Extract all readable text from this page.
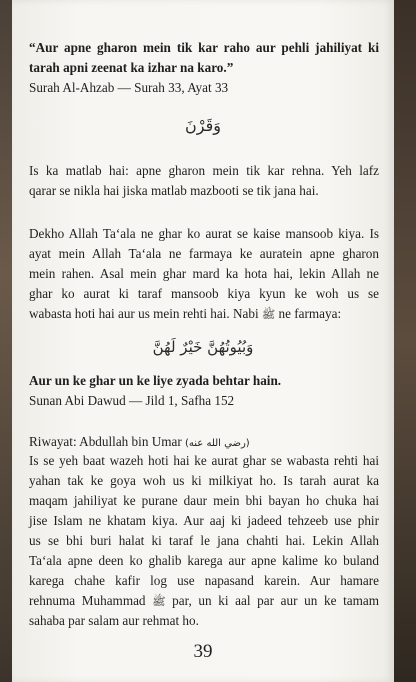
“Aur apne gharon mein tik kar raho aur pehli jahiliyat ki
tarah apni zeenat ka izhar na karo.”
Surah Al-Ahzab — Surah 33, Ayat 33
وَقَرْنَ
Is ka matlab hai: apne gharon mein tik kar rehna. Yeh lafz
qarar se nikla hai jiska matlab mazbooti se tik jana hai.
Dekho Allah Ta‘ala ne ghar ko aurat se kaise mansoob kiya. Is
ayat mein Allah Ta‘ala ne farmaya ke auratein apne gharon
mein rahen. Asal mein ghar mard ka hota hai, lekin Allah ne
ghar ko aurat ki taraf mansoob kiya kyun ke woh us se
wabasta hoti hai aur us mein rehti hai. Nabi ﷺ ne farmaya:
وَبُيُوتُهُنَّ خَيْرٌ لَهُنَّ
Aur un ke ghar un ke liye zyada behtar hain.
Sunan Abi Dawud — Jild 1, Safha 152
Riwayat: Abdullah bin Umar (رضي الله عنه)
Is se yeh baat wazeh hoti hai ke aurat ghar se wabasta rehti hai
yahan tak ke goya woh us ki milkiyat ho. Is tarah aurat ka
maqam jahiliyat ke purane daur mein bhi bayan ho chuka hai
jise Islam ne khatam kiya. Aur aaj ki jadeed tehzeeb use phir
us se bhi buri halat ki taraf le jana chahti hai. Lekin Allah
Ta‘ala apne deen ko ghalib karega aur apne kalime ko buland
karega chahe kafir log use napasand karein. Aur hamare
rehnuma Muhammad ﷺ par, un ki aal par aur un ke tamam
sahaba par salam aur rehmat ho.
39
